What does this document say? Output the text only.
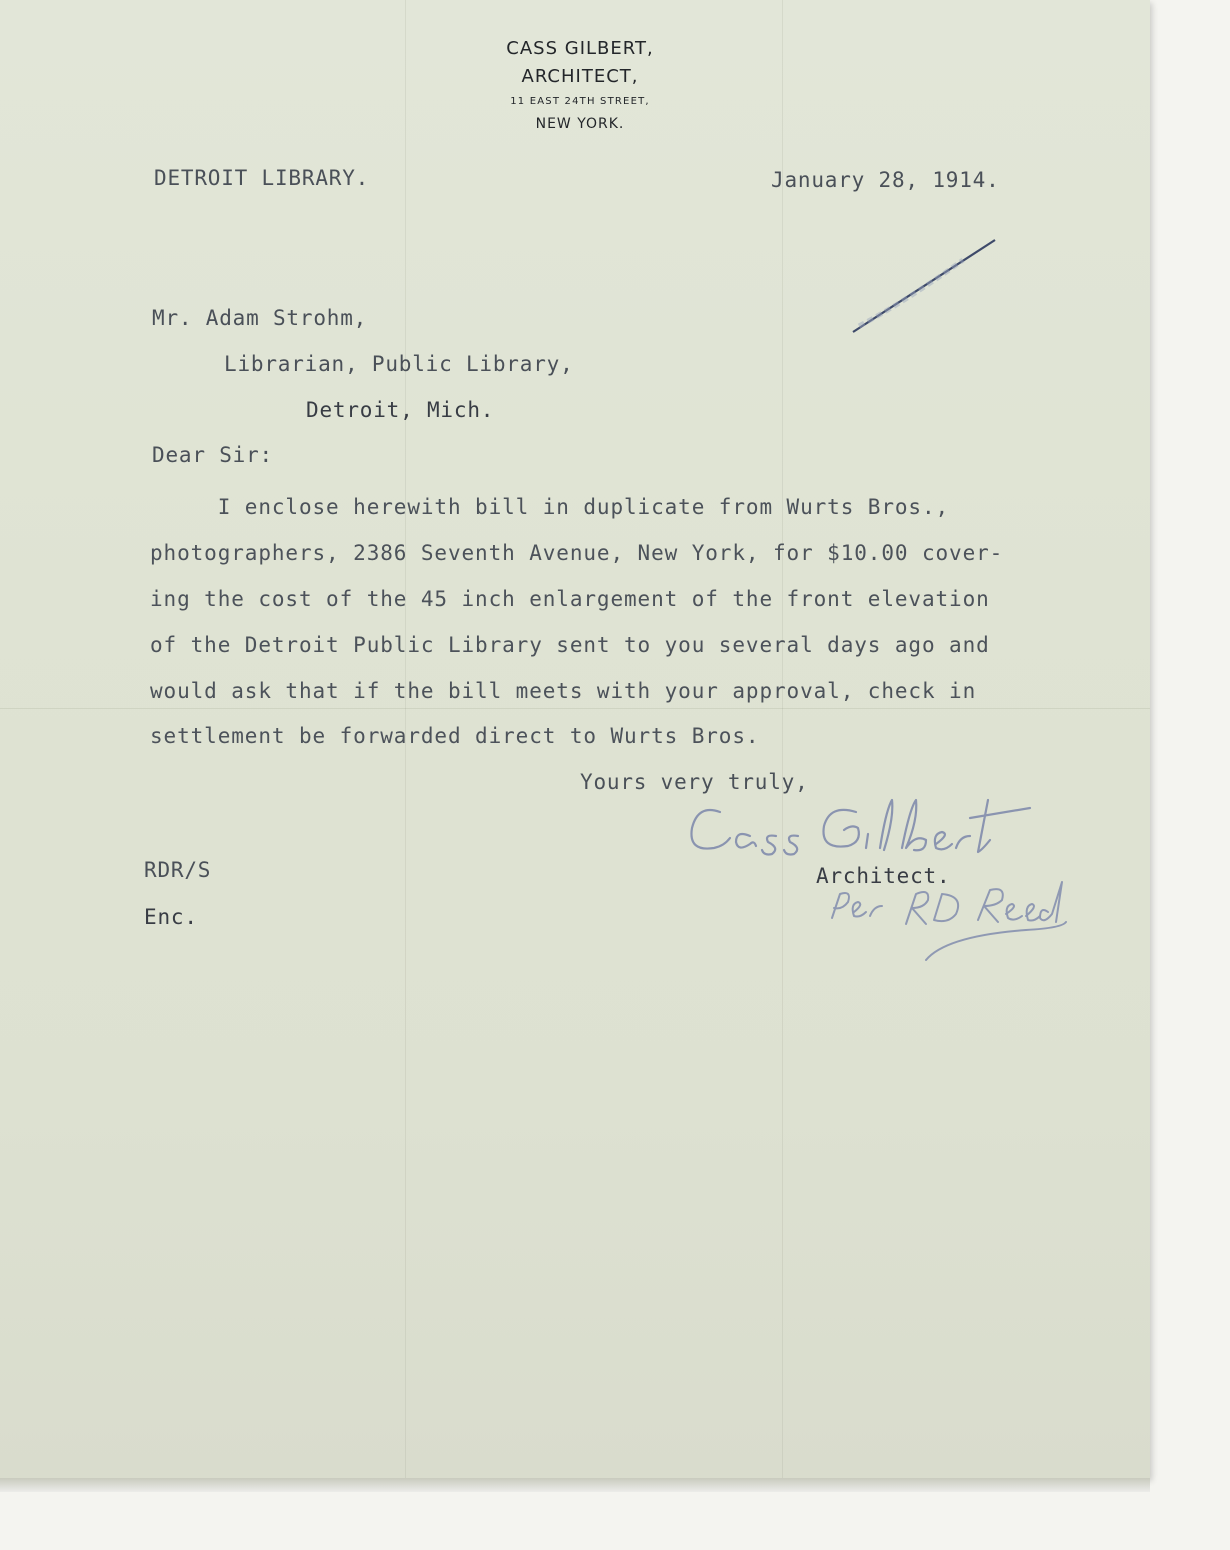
CASS GILBERT,
ARCHITECT,
11 EAST 24TH STREET,
NEW YORK.
DETROIT LIBRARY.	January 28, 1914.
Mr. Adam Strohm,
Librarian, Public Library,
Detroit, Mich.
Dear Sir:
I enclose herewith bill in duplicate from Wurts Bros.,
photographers, 2386 Seventh Avenue, New York, for $10.00 cover-
ing the cost of the 45 inch enlargement of the front elevation
of the Detroit Public Library sent to you several days ago and
would ask that if the bill meets with your approval, check in
settlement be forwarded direct to Wurts Bros.
Yours very truly,
Architect.
RDR/S
Enc.
